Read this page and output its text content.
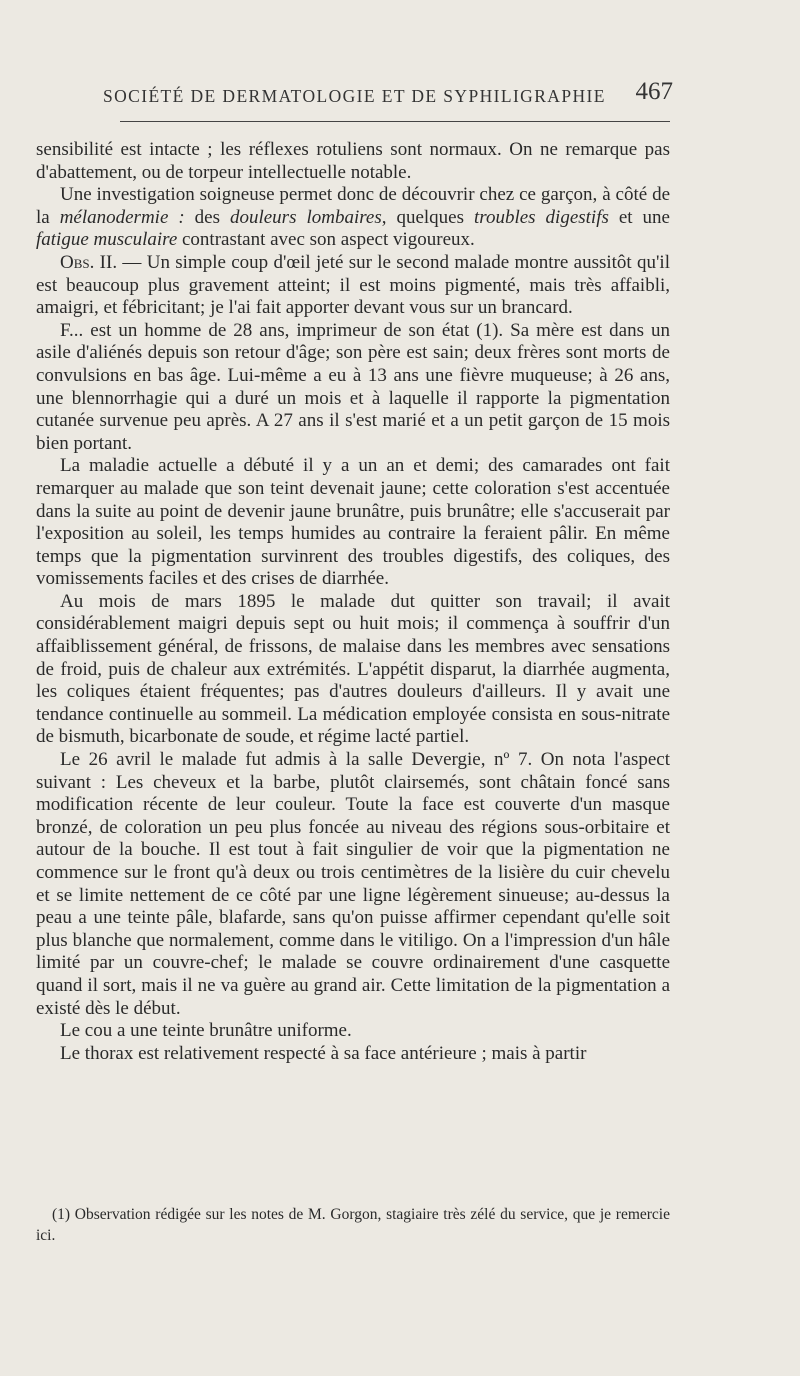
SOCIÉTÉ DE DERMATOLOGIE ET DE SYPHILIGRAPHIE 467

sensibilité est intacte ; les réflexes rotuliens sont normaux. On ne remarque pas d'abattement, ou de torpeur intellectuelle notable.

Une investigation soigneuse permet donc de découvrir chez ce garçon, à côté de la mélanodermie : des douleurs lombaires, quelques troubles digestifs et une fatigue musculaire contrastant avec son aspect vigoureux.

Obs. II. — Un simple coup d'œil jeté sur le second malade montre aussitôt qu'il est beaucoup plus gravement atteint; il est moins pigmenté, mais très affaibli, amaigri, et fébricitant; je l'ai fait apporter devant vous sur un brancard.

F... est un homme de 28 ans, imprimeur de son état (1). Sa mère est dans un asile d'aliénés depuis son retour d'âge; son père est sain; deux frères sont morts de convulsions en bas âge. Lui-même a eu à 13 ans une fièvre muqueuse; à 26 ans, une blennorrhagie qui a duré un mois et à laquelle il rapporte la pigmentation cutanée survenue peu après. A 27 ans il s'est marié et a un petit garçon de 15 mois bien portant.

La maladie actuelle a débuté il y a un an et demi; des camarades ont fait remarquer au malade que son teint devenait jaune; cette coloration s'est accentuée dans la suite au point de devenir jaune brunâtre, puis brunâtre; elle s'accuserait par l'exposition au soleil, les temps humides au contraire la feraient pâlir. En même temps que la pigmentation survinrent des troubles digestifs, des coliques, des vomissements faciles et des crises de diarrhée.

Au mois de mars 1895 le malade dut quitter son travail; il avait considérablement maigri depuis sept ou huit mois; il commença à souffrir d'un affaiblissement général, de frissons, de malaise dans les membres avec sensations de froid, puis de chaleur aux extrémités. L'appétit disparut, la diarrhée augmenta, les coliques étaient fréquentes; pas d'autres douleurs d'ailleurs. Il y avait une tendance continuelle au sommeil. La médication employée consista en sous-nitrate de bismuth, bicarbonate de soude, et régime lacté partiel.

Le 26 avril le malade fut admis à la salle Devergie, nº 7. On nota l'aspect suivant : Les cheveux et la barbe, plutôt clairsemés, sont châtain foncé sans modification récente de leur couleur. Toute la face est couverte d'un masque bronzé, de coloration un peu plus foncée au niveau des régions sous-orbitaire et autour de la bouche. Il est tout à fait singulier de voir que la pigmentation ne commence sur le front qu'à deux ou trois centimètres de la lisière du cuir chevelu et se limite nettement de ce côté par une ligne légèrement sinueuse; au-dessus la peau a une teinte pâle, blafarde, sans qu'on puisse affirmer cependant qu'elle soit plus blanche que normalement, comme dans le vitiligo. On a l'impression d'un hâle limité par un couvre-chef; le malade se couvre ordinairement d'une casquette quand il sort, mais il ne va guère au grand air. Cette limitation de la pigmentation a existé dès le début.

Le cou a une teinte brunâtre uniforme.

Le thorax est relativement respecté à sa face antérieure ; mais à partir

(1) Observation rédigée sur les notes de M. Gorgon, stagiaire très zélé du service, que je remercie ici.
